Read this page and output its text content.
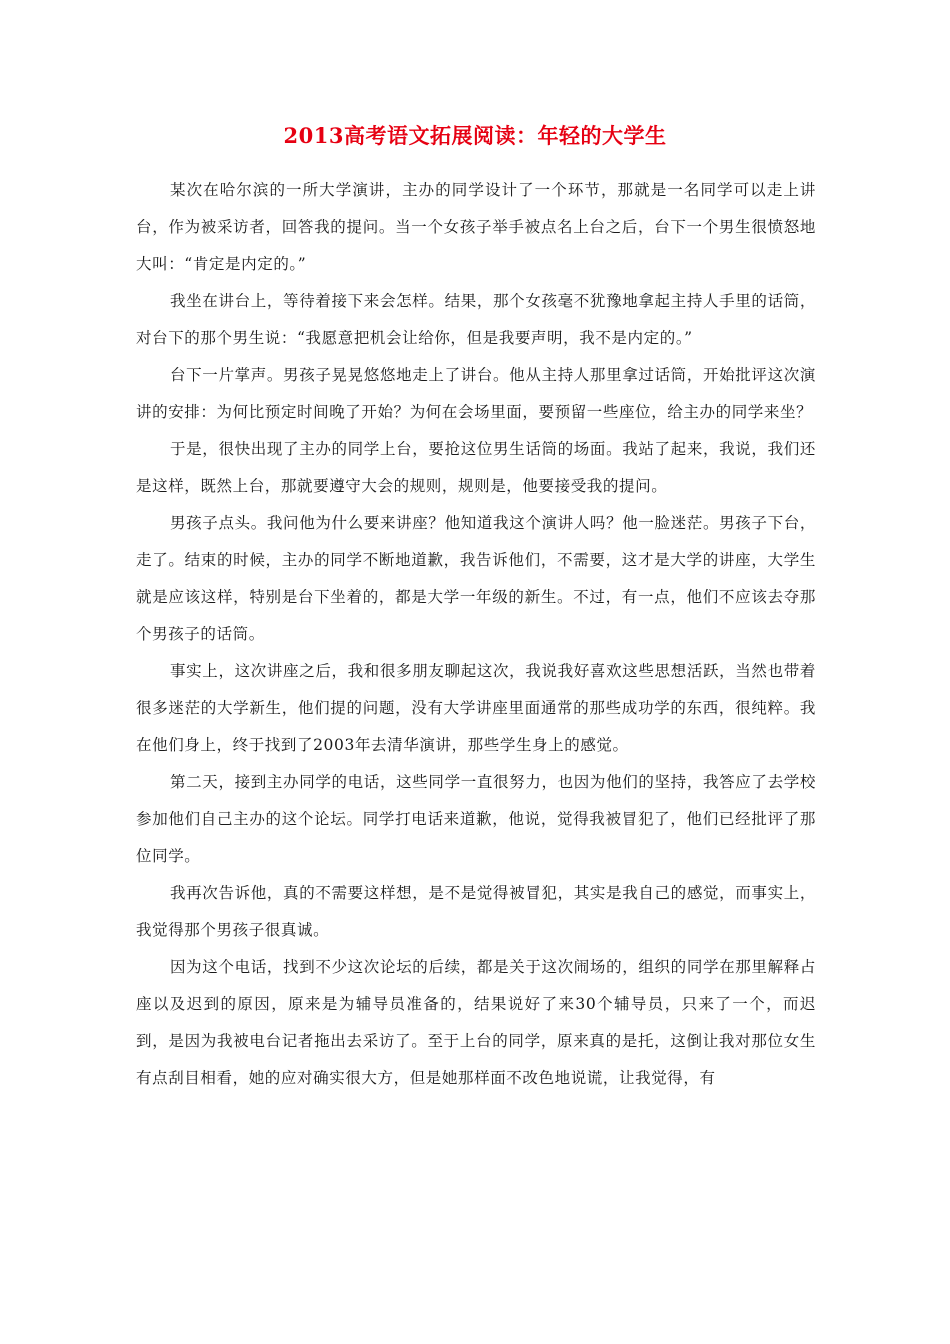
2013高考语文拓展阅读：年轻的大学生

某次在哈尔滨的一所大学演讲，主办的同学设计了一个环节，那就是一名同学可以走上讲台，作为被采访者，回答我的提问。当一个女孩子举手被点名上台之后，台下一个男生很愤怒地大叫：“肯定是内定的。”

我坐在讲台上，等待着接下来会怎样。结果，那个女孩毫不犹豫地拿起主持人手里的话筒，对台下的那个男生说：“我愿意把机会让给你，但是我要声明，我不是内定的。”

台下一片掌声。男孩子晃晃悠悠地走上了讲台。他从主持人那里拿过话筒，开始批评这次演讲的安排：为何比预定时间晚了开始？为何在会场里面，要预留一些座位，给主办的同学来坐？

于是，很快出现了主办的同学上台，要抢这位男生话筒的场面。我站了起来，我说，我们还是这样，既然上台，那就要遵守大会的规则，规则是，他要接受我的提问。

男孩子点头。我问他为什么要来讲座？他知道我这个演讲人吗？他一脸迷茫。男孩子下台，走了。结束的时候，主办的同学不断地道歉，我告诉他们，不需要，这才是大学的讲座，大学生就是应该这样，特别是台下坐着的，都是大学一年级的新生。不过，有一点，他们不应该去夺那个男孩子的话筒。

事实上，这次讲座之后，我和很多朋友聊起这次，我说我好喜欢这些思想活跃，当然也带着很多迷茫的大学新生，他们提的问题，没有大学讲座里面通常的那些成功学的东西，很纯粹。我在他们身上，终于找到了2003年去清华演讲，那些学生身上的感觉。

第二天，接到主办同学的电话，这些同学一直很努力，也因为他们的坚持，我答应了去学校参加他们自己主办的这个论坛。同学打电话来道歉，他说，觉得我被冒犯了，他们已经批评了那位同学。

我再次告诉他，真的不需要这样想，是不是觉得被冒犯，其实是我自己的感觉，而事实上，我觉得那个男孩子很真诚。

因为这个电话，找到不少这次论坛的后续，都是关于这次闹场的，组织的同学在那里解释占座以及迟到的原因，原来是为辅导员准备的，结果说好了来30个辅导员，只来了一个，而迟到，是因为我被电台记者拖出去采访了。至于上台的同学，原来真的是托，这倒让我对那位女生有点刮目相看，她的应对确实很大方，但是她那样面不改色地说谎，让我觉得，有
